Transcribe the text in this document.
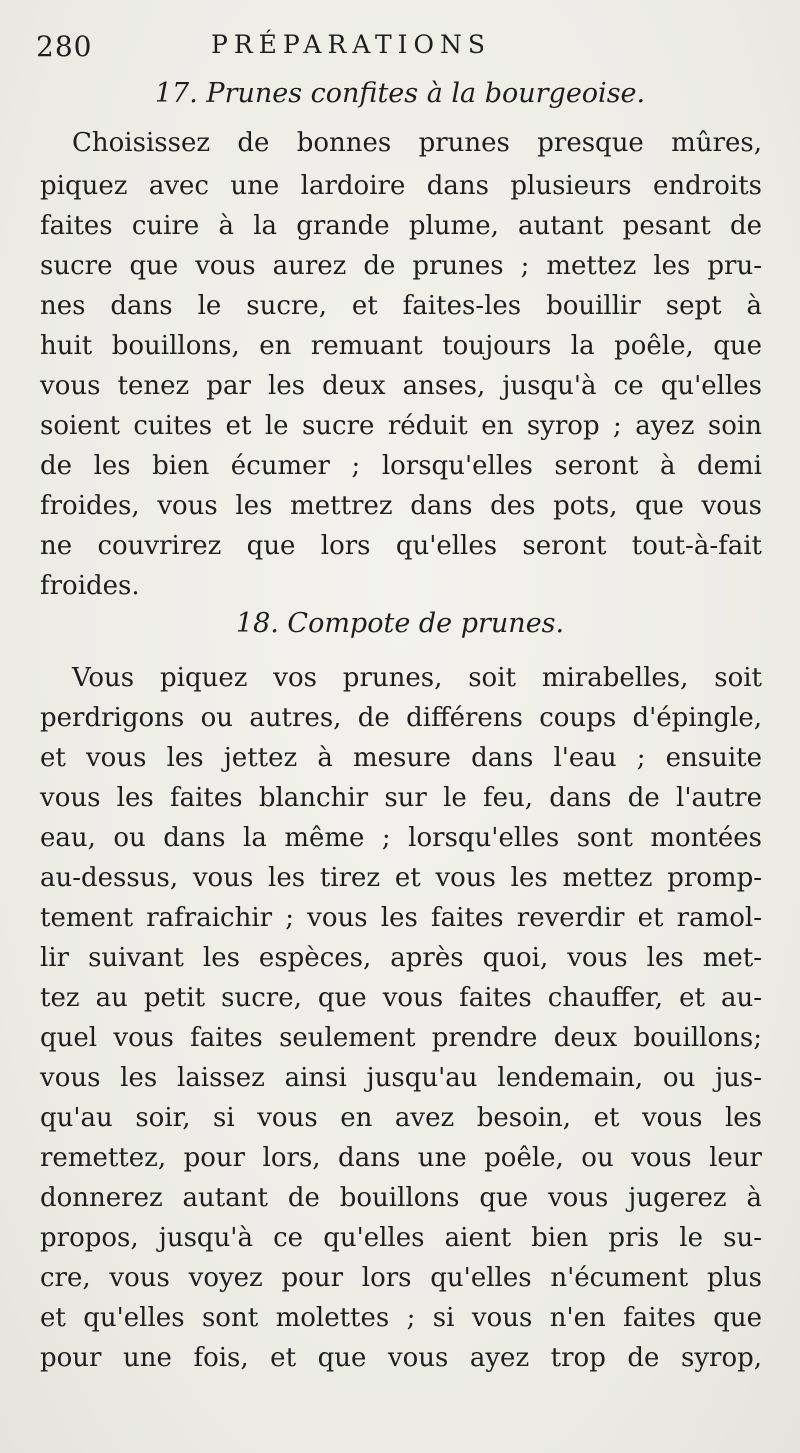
280	PRÉPARATIONS
17. Prunes confites à la bourgeoise.
Choisissez de bonnes prunes presque mûres,
piquez avec une lardoire dans plusieurs endroits
faites cuire à la grande plume, autant pesant de
sucre que vous aurez de prunes ; mettez les pru-
nes dans le sucre, et faites-les bouillir sept à
huit bouillons, en remuant toujours la poêle, que
vous tenez par les deux anses, jusqu'à ce qu'elles
soient cuites et le sucre réduit en syrop ; ayez soin
de les bien écumer ; lorsqu'elles seront à demi
froides, vous les mettrez dans des pots, que vous
ne couvrirez que lors qu'elles seront tout-à-fait
froides.
18. Compote de prunes.
Vous piquez vos prunes, soit mirabelles, soit
perdrigons ou autres, de différens coups d'épingle,
et vous les jettez à mesure dans l'eau ; ensuite
vous les faites blanchir sur le feu, dans de l'autre
eau, ou dans la même ; lorsqu'elles sont montées
au-dessus, vous les tirez et vous les mettez promp-
tement rafraichir ; vous les faites reverdir et ramol-
lir suivant les espèces, après quoi, vous les met-
tez au petit sucre, que vous faites chauffer, et au-
quel vous faites seulement prendre deux bouillons;
vous les laissez ainsi jusqu'au lendemain, ou jus-
qu'au soir, si vous en avez besoin, et vous les
remettez, pour lors, dans une poêle, ou vous leur
donnerez autant de bouillons que vous jugerez à
propos, jusqu'à ce qu'elles aient bien pris le su-
cre, vous voyez pour lors qu'elles n'écument plus
et qu'elles sont molettes ; si vous n'en faites que
pour une fois, et que vous ayez trop de syrop,
